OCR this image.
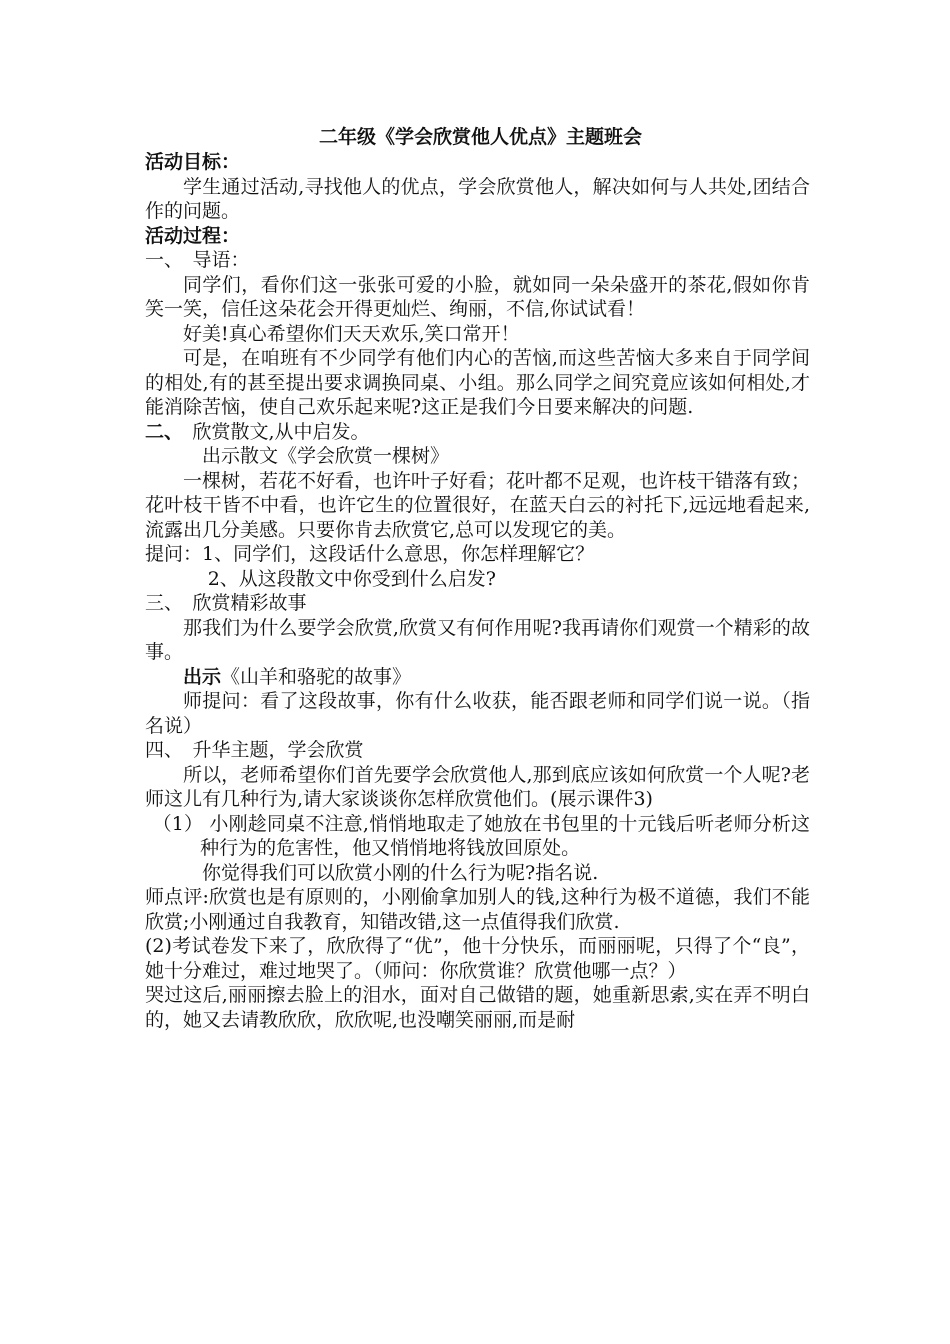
二年级《学会欣赏他人优点》主题班会

活动目标：

学生通过活动,寻找他人的优点，学会欣赏他人，解决如何与人共处,团结合作的问题。

活动过程：

一、　导语：

同学们，看你们这一张张可爱的小脸，就如同一朵朵盛开的茶花,假如你肯笑一笑，信任这朵花会开得更灿烂、绚丽，不信,你试试看！

好美!真心希望你们天天欢乐,笑口常开！

可是，在咱班有不少同学有他们内心的苦恼,而这些苦恼大多来自于同学间的相处,有的甚至提出要求调换同桌、小组。那么同学之间究竟应该如何相处,才能消除苦恼，使自己欢乐起来呢?这正是我们今日要来解决的问题.

二、　欣赏散文,从中启发。

出示散文《学会欣赏一棵树》

一棵树，若花不好看，也许叶子好看；花叶都不足观，也许枝干错落有致；花叶枝干皆不中看，也许它生的位置很好，在蓝天白云的衬托下,远远地看起来,流露出几分美感。只要你肯去欣赏它,总可以发现它的美。

提问：1、同学们，这段话什么意思，你怎样理解它？

2、从这段散文中你受到什么启发?

三、　欣赏精彩故事

那我们为什么要学会欣赏,欣赏又有何作用呢?我再请你们观赏一个精彩的故事。

出示《山羊和骆驼的故事》

师提问：看了这段故事，你有什么收获，能否跟老师和同学们说一说。（指名说）

四、　升华主题，学会欣赏

所以，老师希望你们首先要学会欣赏他人,那到底应该如何欣赏一个人呢?老师这儿有几种行为,请大家谈谈你怎样欣赏他们。(展示课件3)

（1） 小刚趁同桌不注意,悄悄地取走了她放在书包里的十元钱后听老师分析这种行为的危害性，他又悄悄地将钱放回原处。

你觉得我们可以欣赏小刚的什么行为呢?指名说.

师点评:欣赏也是有原则的，小刚偷拿加别人的钱,这种行为极不道德，我们不能欣赏;小刚通过自我教育，知错改错,这一点值得我们欣赏.

(2)考试卷发下来了，欣欣得了“优”，他十分快乐，而丽丽呢，只得了个“良”，她十分难过，难过地哭了。（师问：你欣赏谁？欣赏他哪一点？）

哭过这后,丽丽擦去脸上的泪水，面对自己做错的题，她重新思索,实在弄不明白的，她又去请教欣欣，欣欣呢,也没嘲笑丽丽,而是耐
